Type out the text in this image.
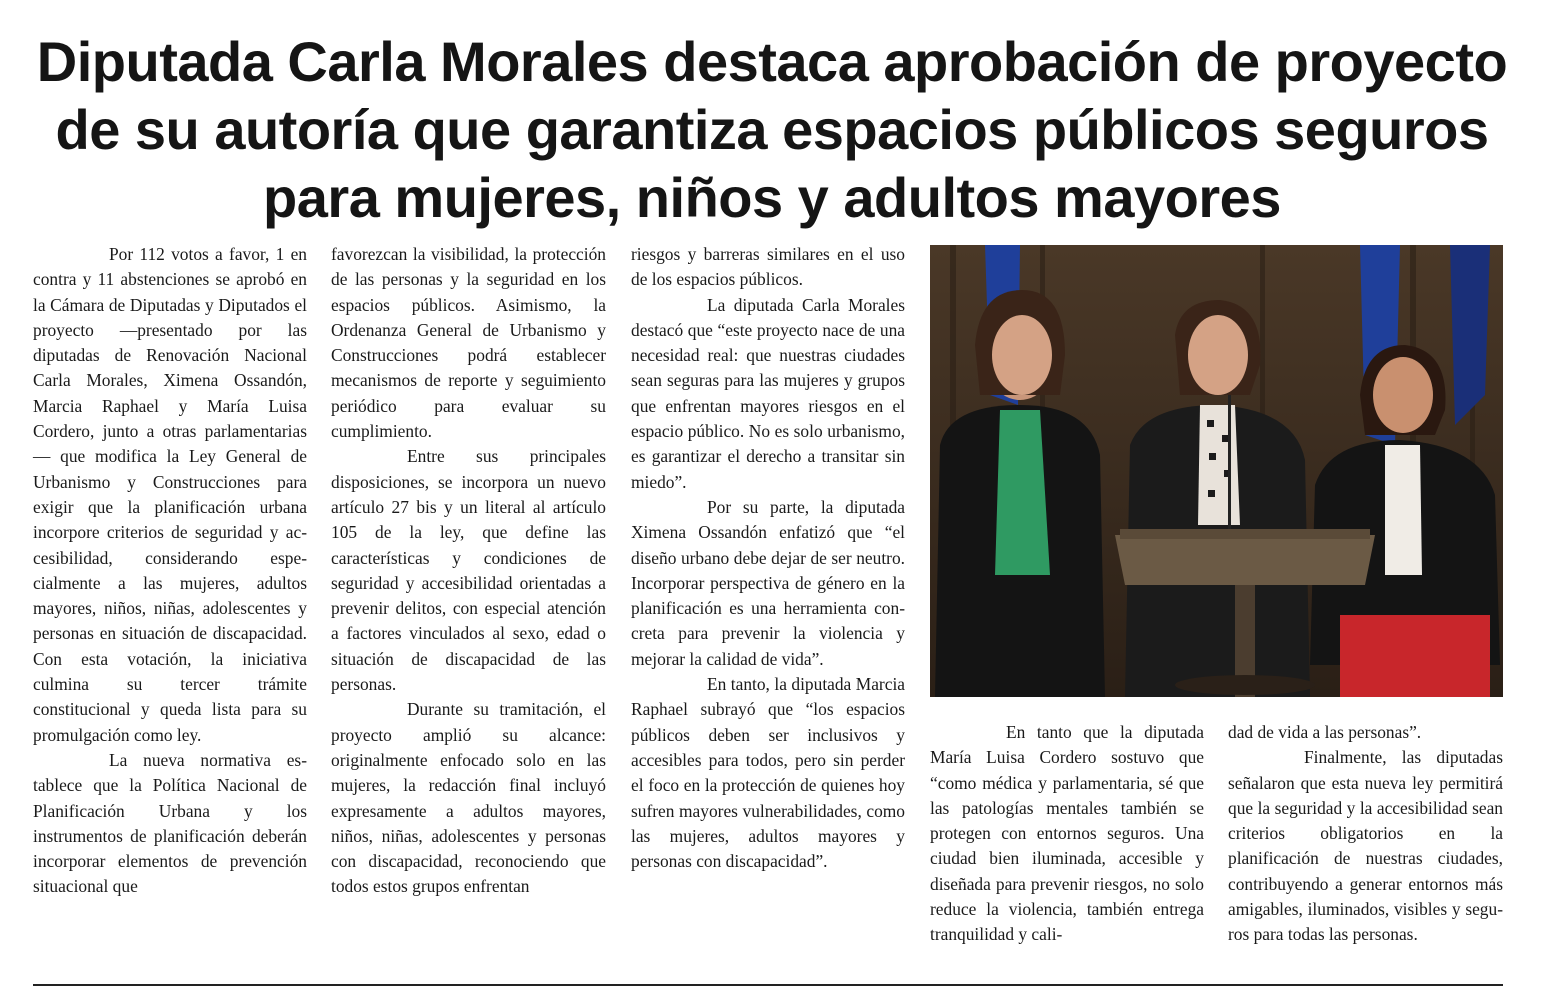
Diputada Carla Morales destaca aprobación de proyecto
de su autoría que garantiza espacios públicos seguros
para mujeres, niños y adultos mayores

Por 112 votos a favor, 1 en contra y 11 abstenciones se aprobó en la Cámara de Diputadas y Diputados el proyecto —presentado por las diputadas de Renovación Nacional Carla Morales, Ximena Ossandón, Marcia Raphael y María Luisa Cordero, junto a otras parlamentarias— que modifica la Ley General de Urbanismo y Construcciones para exigir que la planificación urbana incorpore criterios de seguridad y accesibilidad, considerando especialmente a las mujeres, adultos mayores, niños, niñas, adolescentes y personas en situación de discapacidad. Con esta votación, la iniciativa culmina su tercer trámite constitucional y queda lista para su promulgación como ley.

La nueva normativa establece que la Política Nacional de Planificación Urbana y los instrumentos de planificación deberán incorporar elementos de prevención situacional que

favorezcan la visibilidad, la protección de las personas y la seguridad en los espacios públicos. Asimismo, la Ordenanza General de Urbanismo y Construcciones podrá establecer mecanismos de reporte y seguimiento periódico para evaluar su cumplimiento.

Entre sus principales disposiciones, se incorpora un nuevo artículo 27 bis y un literal al artículo 105 de la ley, que define las características y condiciones de seguridad y accesibilidad orientadas a prevenir delitos, con especial atención a factores vinculados al sexo, edad o situación de discapacidad de las personas.

Durante su tramitación, el proyecto amplió su alcance: originalmente enfocado solo en las mujeres, la redacción final incluyó expresamente a adultos mayores, niños, niñas, adolescentes y personas con discapacidad, reconociendo que todos estos grupos enfrentan

riesgos y barreras similares en el uso de los espacios públicos.

La diputada Carla Morales destacó que “este proyecto nace de una necesidad real: que nuestras ciudades sean seguras para las mujeres y grupos que enfrentan mayores riesgos en el espacio público. No es solo urbanismo, es garantizar el derecho a transitar sin miedo”.

Por su parte, la diputada Ximena Ossandón enfatizó que “el diseño urbano debe dejar de ser neutro. Incorporar perspectiva de género en la planificación es una herramienta concreta para prevenir la violencia y mejorar la calidad de vida”.

En tanto, la diputada Marcia Raphael subrayó que “los espacios públicos deben ser inclusivos y accesibles para todos, pero sin perder el foco en la protección de quienes hoy sufren mayores vulnerabilidades, como las mujeres, adultos mayores y personas con discapacidad”.

En tanto que la diputada María Luisa Cordero sostuvo que “como médica y parlamentaria, sé que las patologías mentales también se protegen con entornos seguros. Una ciudad bien iluminada, accesible y diseñada para prevenir riesgos, no solo reduce la violencia, también entrega tranquilidad y cali-

dad de vida a las personas”.

Finalmente, las diputadas señalaron que esta nueva ley permitirá que la seguridad y la accesibilidad sean criterios obligatorios en la planificación de nuestras ciudades, contribuyendo a generar entornos más amigables, iluminados, visibles y seguros para todas las personas.
